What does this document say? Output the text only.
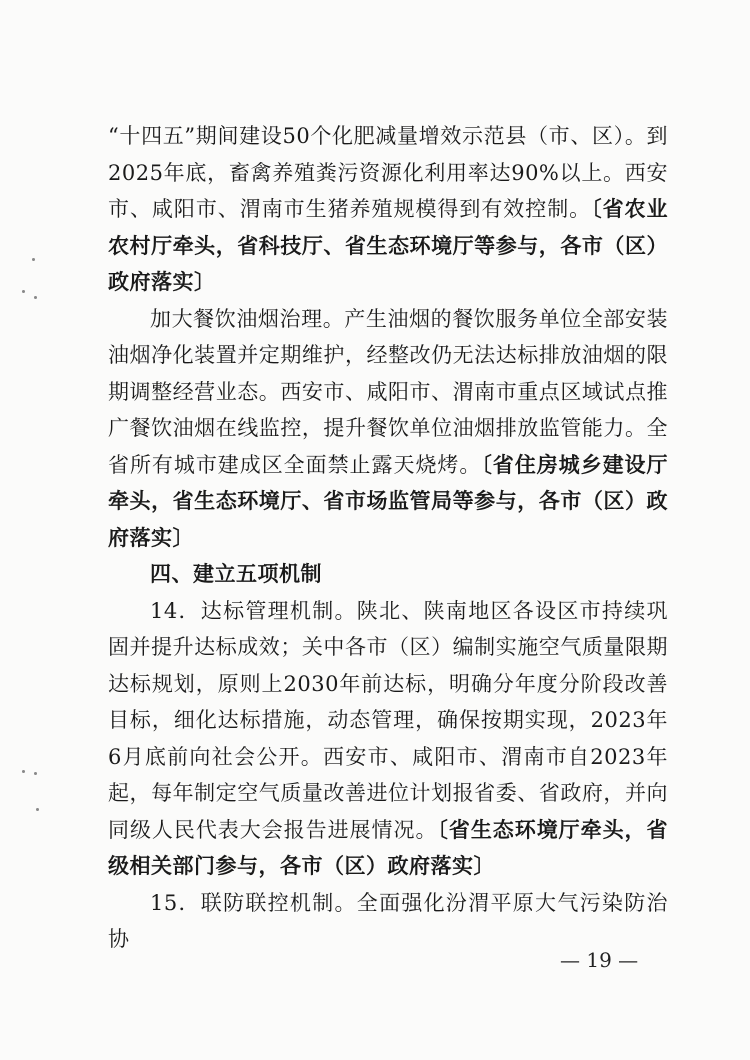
“十四五”期间建设50个化肥减量增效示范县（市、区）。到2025年底，畜禽养殖粪污资源化利用率达90%以上。西安市、咸阳市、渭南市生猪养殖规模得到有效控制。〔省农业农村厅牵头，省科技厅、省生态环境厅等参与，各市（区）政府落实〕

加大餐饮油烟治理。产生油烟的餐饮服务单位全部安装油烟净化装置并定期维护，经整改仍无法达标排放油烟的限期调整经营业态。西安市、咸阳市、渭南市重点区域试点推广餐饮油烟在线监控，提升餐饮单位油烟排放监管能力。全省所有城市建成区全面禁止露天烧烤。〔省住房城乡建设厅牵头，省生态环境厅、省市场监管局等参与，各市（区）政府落实〕

四、建立五项机制

14．达标管理机制。陕北、陕南地区各设区市持续巩固并提升达标成效；关中各市（区）编制实施空气质量限期达标规划，原则上2030年前达标，明确分年度分阶段改善目标，细化达标措施，动态管理，确保按期实现，2023年6月底前向社会公开。西安市、咸阳市、渭南市自2023年起，每年制定空气质量改善进位计划报省委、省政府，并向同级人民代表大会报告进展情况。〔省生态环境厅牵头，省级相关部门参与，各市（区）政府落实〕

15．联防联控机制。全面强化汾渭平原大气污染防治协

— 19 —
